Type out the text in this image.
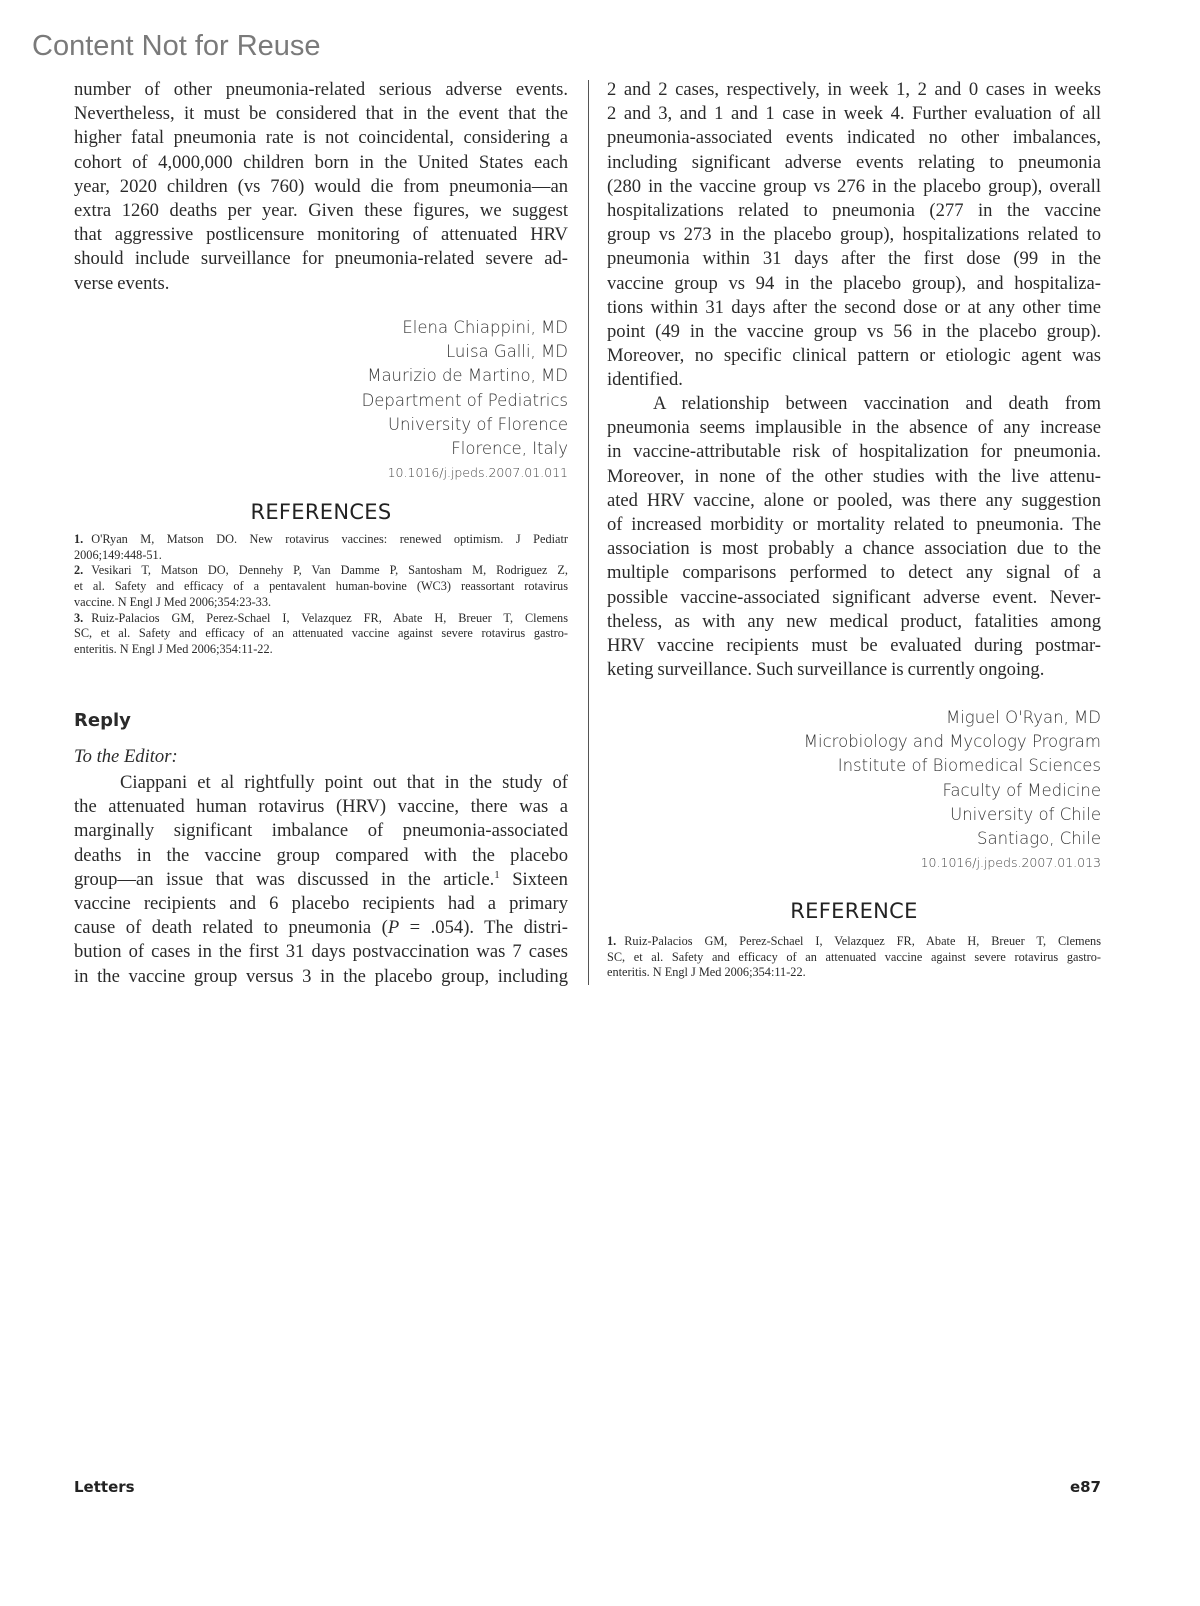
Content Not for Reuse
number of other pneumonia-related serious adverse events.
Nevertheless, it must be considered that in the event that the
higher fatal pneumonia rate is not coincidental, considering a
cohort of 4,000,000 children born in the United States each
year, 2020 children (vs 760) would die from pneumonia—an
extra 1260 deaths per year. Given these figures, we suggest
that aggressive postlicensure monitoring of attenuated HRV
should include surveillance for pneumonia-related severe ad-
verse events.
Elena Chiappini, MD
Luisa Galli, MD
Maurizio de Martino, MD
Department of Pediatrics
University of Florence
Florence, Italy
10.1016/j.jpeds.2007.01.011
REFERENCES
1. O'Ryan M, Matson DO. New rotavirus vaccines: renewed optimism. J Pediatr
2006;149:448-51.
2. Vesikari T, Matson DO, Dennehy P, Van Damme P, Santosham M, Rodriguez Z,
et al. Safety and efficacy of a pentavalent human-bovine (WC3) reassortant rotavirus
vaccine. N Engl J Med 2006;354:23-33.
3. Ruiz-Palacios GM, Perez-Schael I, Velazquez FR, Abate H, Breuer T, Clemens
SC, et al. Safety and efficacy of an attenuated vaccine against severe rotavirus gastro-
enteritis. N Engl J Med 2006;354:11-22.
Reply
To the Editor:
Ciappani et al rightfully point out that in the study of
the attenuated human rotavirus (HRV) vaccine, there was a
marginally significant imbalance of pneumonia-associated
deaths in the vaccine group compared with the placebo
group—an issue that was discussed in the article.$^1$ Sixteen
vaccine recipients and 6 placebo recipients had a primary
cause of death related to pneumonia (P = .054). The distri-
bution of cases in the first 31 days postvaccination was 7 cases
in the vaccine group versus 3 in the placebo group, including
2 and 2 cases, respectively, in week 1, 2 and 0 cases in weeks
2 and 3, and 1 and 1 case in week 4. Further evaluation of all
pneumonia-associated events indicated no other imbalances,
including significant adverse events relating to pneumonia
(280 in the vaccine group vs 276 in the placebo group), overall
hospitalizations related to pneumonia (277 in the vaccine
group vs 273 in the placebo group), hospitalizations related to
pneumonia within 31 days after the first dose (99 in the
vaccine group vs 94 in the placebo group), and hospitaliza-
tions within 31 days after the second dose or at any other time
point (49 in the vaccine group vs 56 in the placebo group).
Moreover, no specific clinical pattern or etiologic agent was
identified.
A relationship between vaccination and death from
pneumonia seems implausible in the absence of any increase
in vaccine-attributable risk of hospitalization for pneumonia.
Moreover, in none of the other studies with the live attenu-
ated HRV vaccine, alone or pooled, was there any suggestion
of increased morbidity or mortality related to pneumonia. The
association is most probably a chance association due to the
multiple comparisons performed to detect any signal of a
possible vaccine-associated significant adverse event. Never-
theless, as with any new medical product, fatalities among
HRV vaccine recipients must be evaluated during postmar-
keting surveillance. Such surveillance is currently ongoing.
Miguel O'Ryan, MD
Microbiology and Mycology Program
Institute of Biomedical Sciences
Faculty of Medicine
University of Chile
Santiago, Chile
10.1016/j.jpeds.2007.01.013
REFERENCE
1. Ruiz-Palacios GM, Perez-Schael I, Velazquez FR, Abate H, Breuer T, Clemens
SC, et al. Safety and efficacy of an attenuated vaccine against severe rotavirus gastro-
enteritis. N Engl J Med 2006;354:11-22.
Letters	e87
